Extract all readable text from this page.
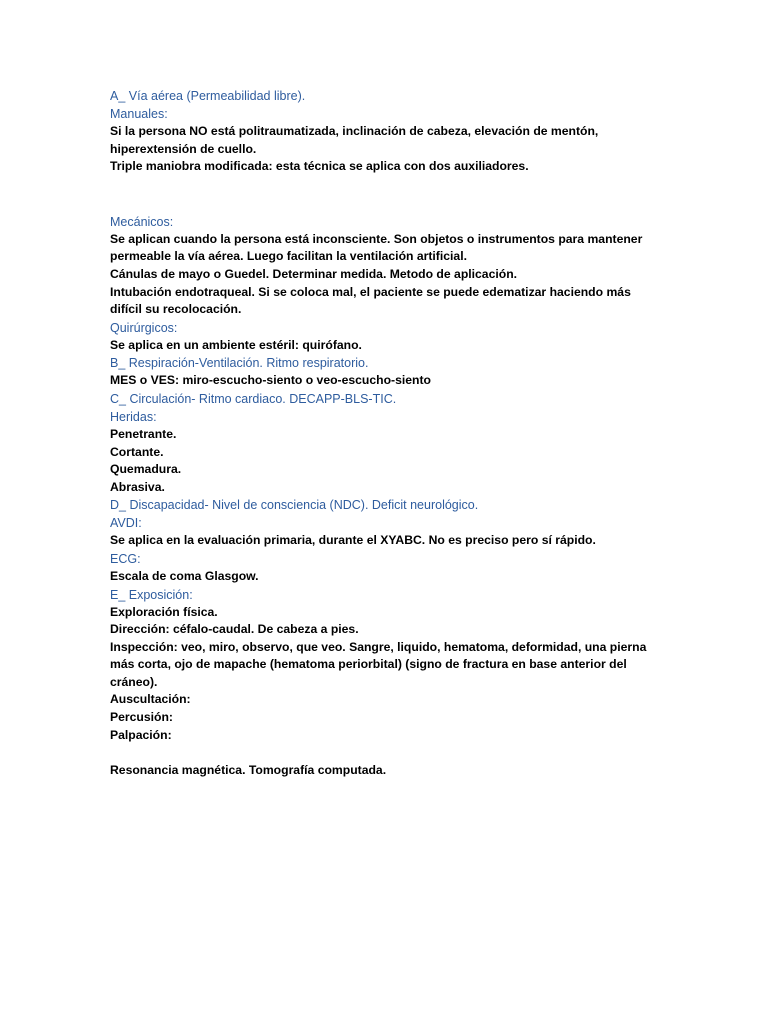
A_ Vía aérea (Permeabilidad libre).

Manuales:

Si la persona NO está politraumatizada, inclinación de cabeza, elevación de mentón,

hiperextensión de cuello.

Triple maniobra modificada: esta técnica se aplica con dos auxiliadores.

Mecánicos:

Se aplican cuando la persona está inconsciente. Son objetos o instrumentos para mantener

permeable la vía aérea. Luego facilitan la ventilación artificial.

Cánulas de mayo o Guedel. Determinar medida. Metodo de aplicación.

Intubación endotraqueal. Si se coloca mal, el paciente se puede edematizar haciendo más

difícil su recolocación.

Quirúrgicos:

Se aplica en un ambiente estéril: quirófano.

B_ Respiración-Ventilación. Ritmo respiratorio.

MES o VES: miro-escucho-siento o veo-escucho-siento

C_ Circulación- Ritmo cardiaco. DECAPP-BLS-TIC.

Heridas:

Penetrante.

Cortante.

Quemadura.

Abrasiva.

D_ Discapacidad- Nivel de consciencia (NDC). Deficit neurológico.

AVDI:

Se aplica en la evaluación primaria, durante el XYABC. No es preciso pero sí rápido.

ECG:

Escala de coma Glasgow.

E_ Exposición:

Exploración física.

Dirección: céfalo-caudal. De cabeza a pies.

Inspección: veo, miro, observo, que veo. Sangre, liquido, hematoma, deformidad, una pierna

más corta, ojo de mapache (hematoma periorbital) (signo de fractura en base anterior del

cráneo).

Auscultación:

Percusión:

Palpación:

Resonancia magnética. Tomografía computada.
